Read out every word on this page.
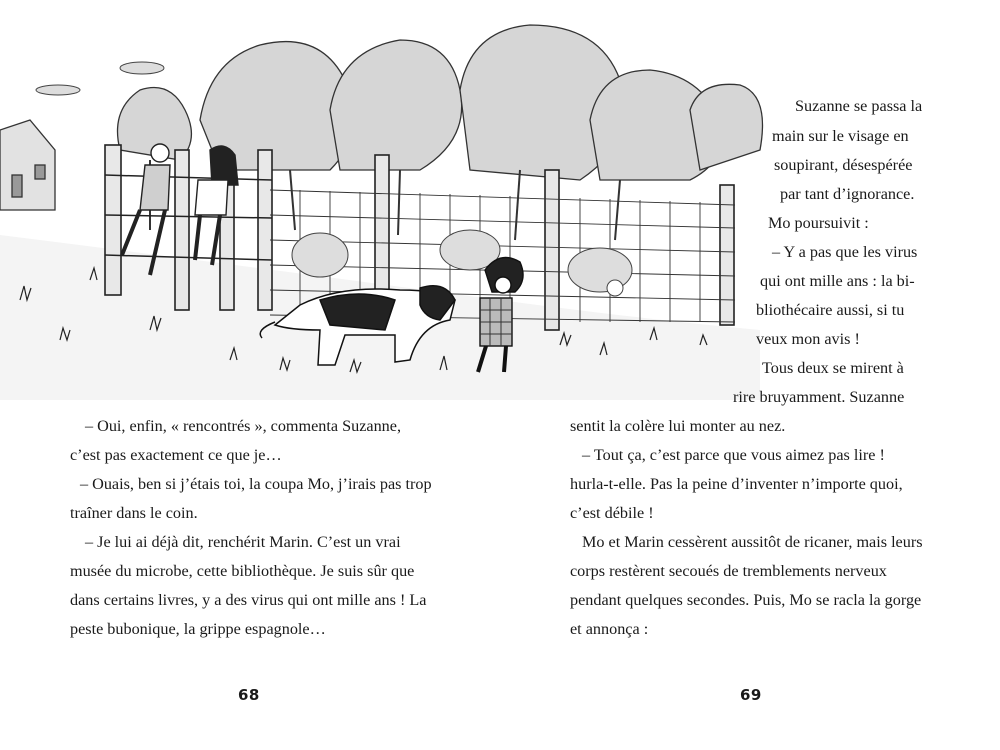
– Oui, enfin, « rencontrés », commenta Suzanne,
c’est pas exactement ce que je…
– Ouais, ben si j’étais toi, la coupa Mo, j’irais pas trop
traîner dans le coin.
– Je lui ai déjà dit, renchérit Marin. C’est un vrai
musée du microbe, cette bibliothèque. Je suis sûr que
dans certains livres, y a des virus qui ont mille ans ! La
peste bubonique, la grippe espagnole…
68
Suzanne se passa la
main sur le visage en
soupirant, désespérée
par tant d’ignorance.
Mo poursuivit :
– Y a pas que les virus
qui ont mille ans : la bi-
bliothécaire aussi, si tu
veux mon avis !
Tous deux se mirent à
rire bruyamment. Suzanne
sentit la colère lui monter au nez.
– Tout ça, c’est parce que vous aimez pas lire !
hurla-t-elle. Pas la peine d’inventer n’importe quoi,
c’est débile !
Mo et Marin cessèrent aussitôt de ricaner, mais leurs
corps restèrent secoués de tremblements nerveux
pendant quelques secondes. Puis, Mo se racla la gorge
et annonça :
69
